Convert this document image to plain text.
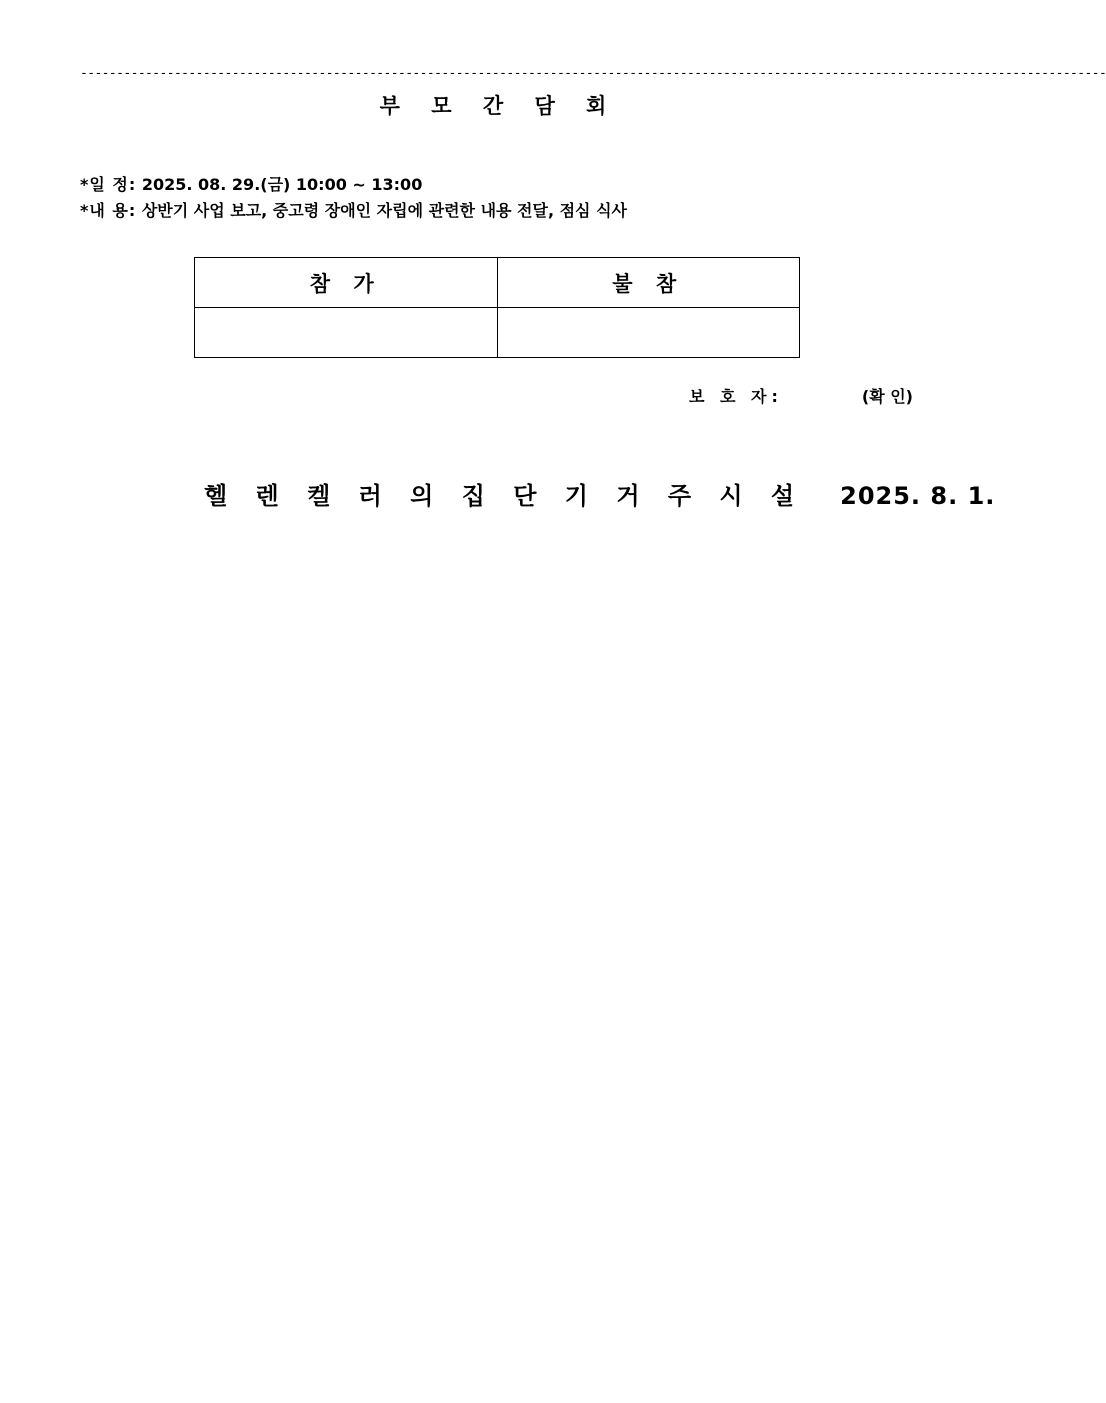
----------------------------------------------------------------------------------------------------------------------------------------------
부 모 간 담 회
*일 정: 2025. 08. 29.(금) 10:00 ~ 13:00
*내 용: 상반기 사업 보고, 중고령 장애인 자립에 관련한 내용 전달, 점심 식사
참 가	불 참

보 호 자:	(확 인)
헬 렌 켈 러 의 집 단 기 거 주 시 설 2025. 8. 1.
